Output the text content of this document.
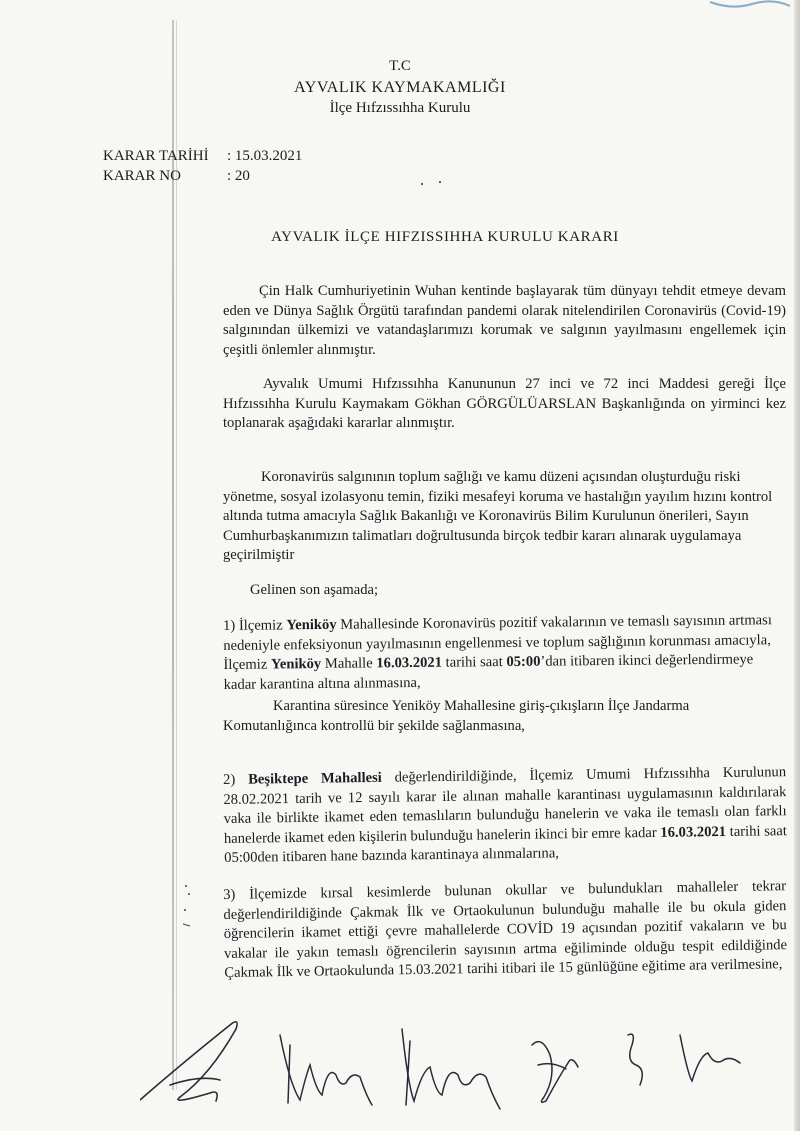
T.C
AYVALIK KAYMAKAMLIĞI
İlçe Hıfzıssıhha Kurulu
KARAR TARİHİ	: 15.03.2021
KARAR NO	: 20
AYVALIK İLÇE HIFZISSIHHA KURULU KARARI

Çin Halk Cumhuriyetinin Wuhan kentinde başlayarak tüm dünyayı tehdit etmeye devam eden ve Dünya Sağlık Örgütü tarafından pandemi olarak nitelendirilen Coronavirüs (Covid-19) salgınından ülkemizi ve vatandaşlarımızı korumak ve salgının yayılmasını engellemek için çeşitli önlemler alınmıştır.

Ayvalık Umumi Hıfzıssıhha Kanununun 27 inci ve 72 inci Maddesi gereği İlçe Hıfzıssıhha Kurulu Kaymakam Gökhan GÖRGÜLÜARSLAN Başkanlığında on yirminci kez toplanarak aşağıdaki kararlar alınmıştır.

Koronavirüs salgınının toplum sağlığı ve kamu düzeni açısından oluşturduğu riski yönetme, sosyal izolasyonu temin, fiziki mesafeyi koruma ve hastalığın yayılım hızını kontrol altında tutma amacıyla Sağlık Bakanlığı ve Koronavirüs Bilim Kurulunun önerileri, Sayın Cumhurbaşkanımızın talimatları doğrultusunda birçok tedbir kararı alınarak uygulamaya geçirilmiştir

Gelinen son aşamada;

1) İlçemiz Yeniköy Mahallesinde Koronavirüs pozitif vakalarının ve temaslı sayısının artması nedeniyle enfeksiyonun yayılmasının engellenmesi ve toplum sağlığının korunması amacıyla, İlçemiz Yeniköy Mahalle 16.03.2021 tarihi saat 05:00’dan itibaren ikinci değerlendirmeye kadar karantina altına alınmasına,

Karantina süresince Yeniköy Mahallesine giriş-çıkışların İlçe Jandarma Komutanlığınca kontrollü bir şekilde sağlanmasına,

2) Beşiktepe Mahallesi değerlendirildiğinde, İlçemiz Umumi Hıfzıssıhha Kurulunun 28.02.2021 tarih ve 12 sayılı karar ile alınan mahalle karantinası uygulamasının kaldırılarak vaka ile birlikte ikamet eden temaslıların bulunduğu hanelerin ve vaka ile temaslı olan farklı hanelerde ikamet eden kişilerin bulunduğu hanelerin ikinci bir emre kadar 16.03.2021 tarihi saat 05:00den itibaren hane bazında karantinaya alınmalarına,

3) İlçemizde kırsal kesimlerde bulunan okullar ve bulundukları mahalleler tekrar değerlendirildiğinde Çakmak İlk ve Ortaokulunun bulunduğu mahalle ile bu okula giden öğrencilerin ikamet ettiği çevre mahallelerde COVİD 19 açısından pozitif vakaların ve bu vakalar ile yakın temaslı öğrencilerin sayısının artma eğiliminde olduğu tespit edildiğinde Çakmak İlk ve Ortaokulunda 15.03.2021 tarihi itibari ile 15 günlüğüne eğitime ara verilmesine,
